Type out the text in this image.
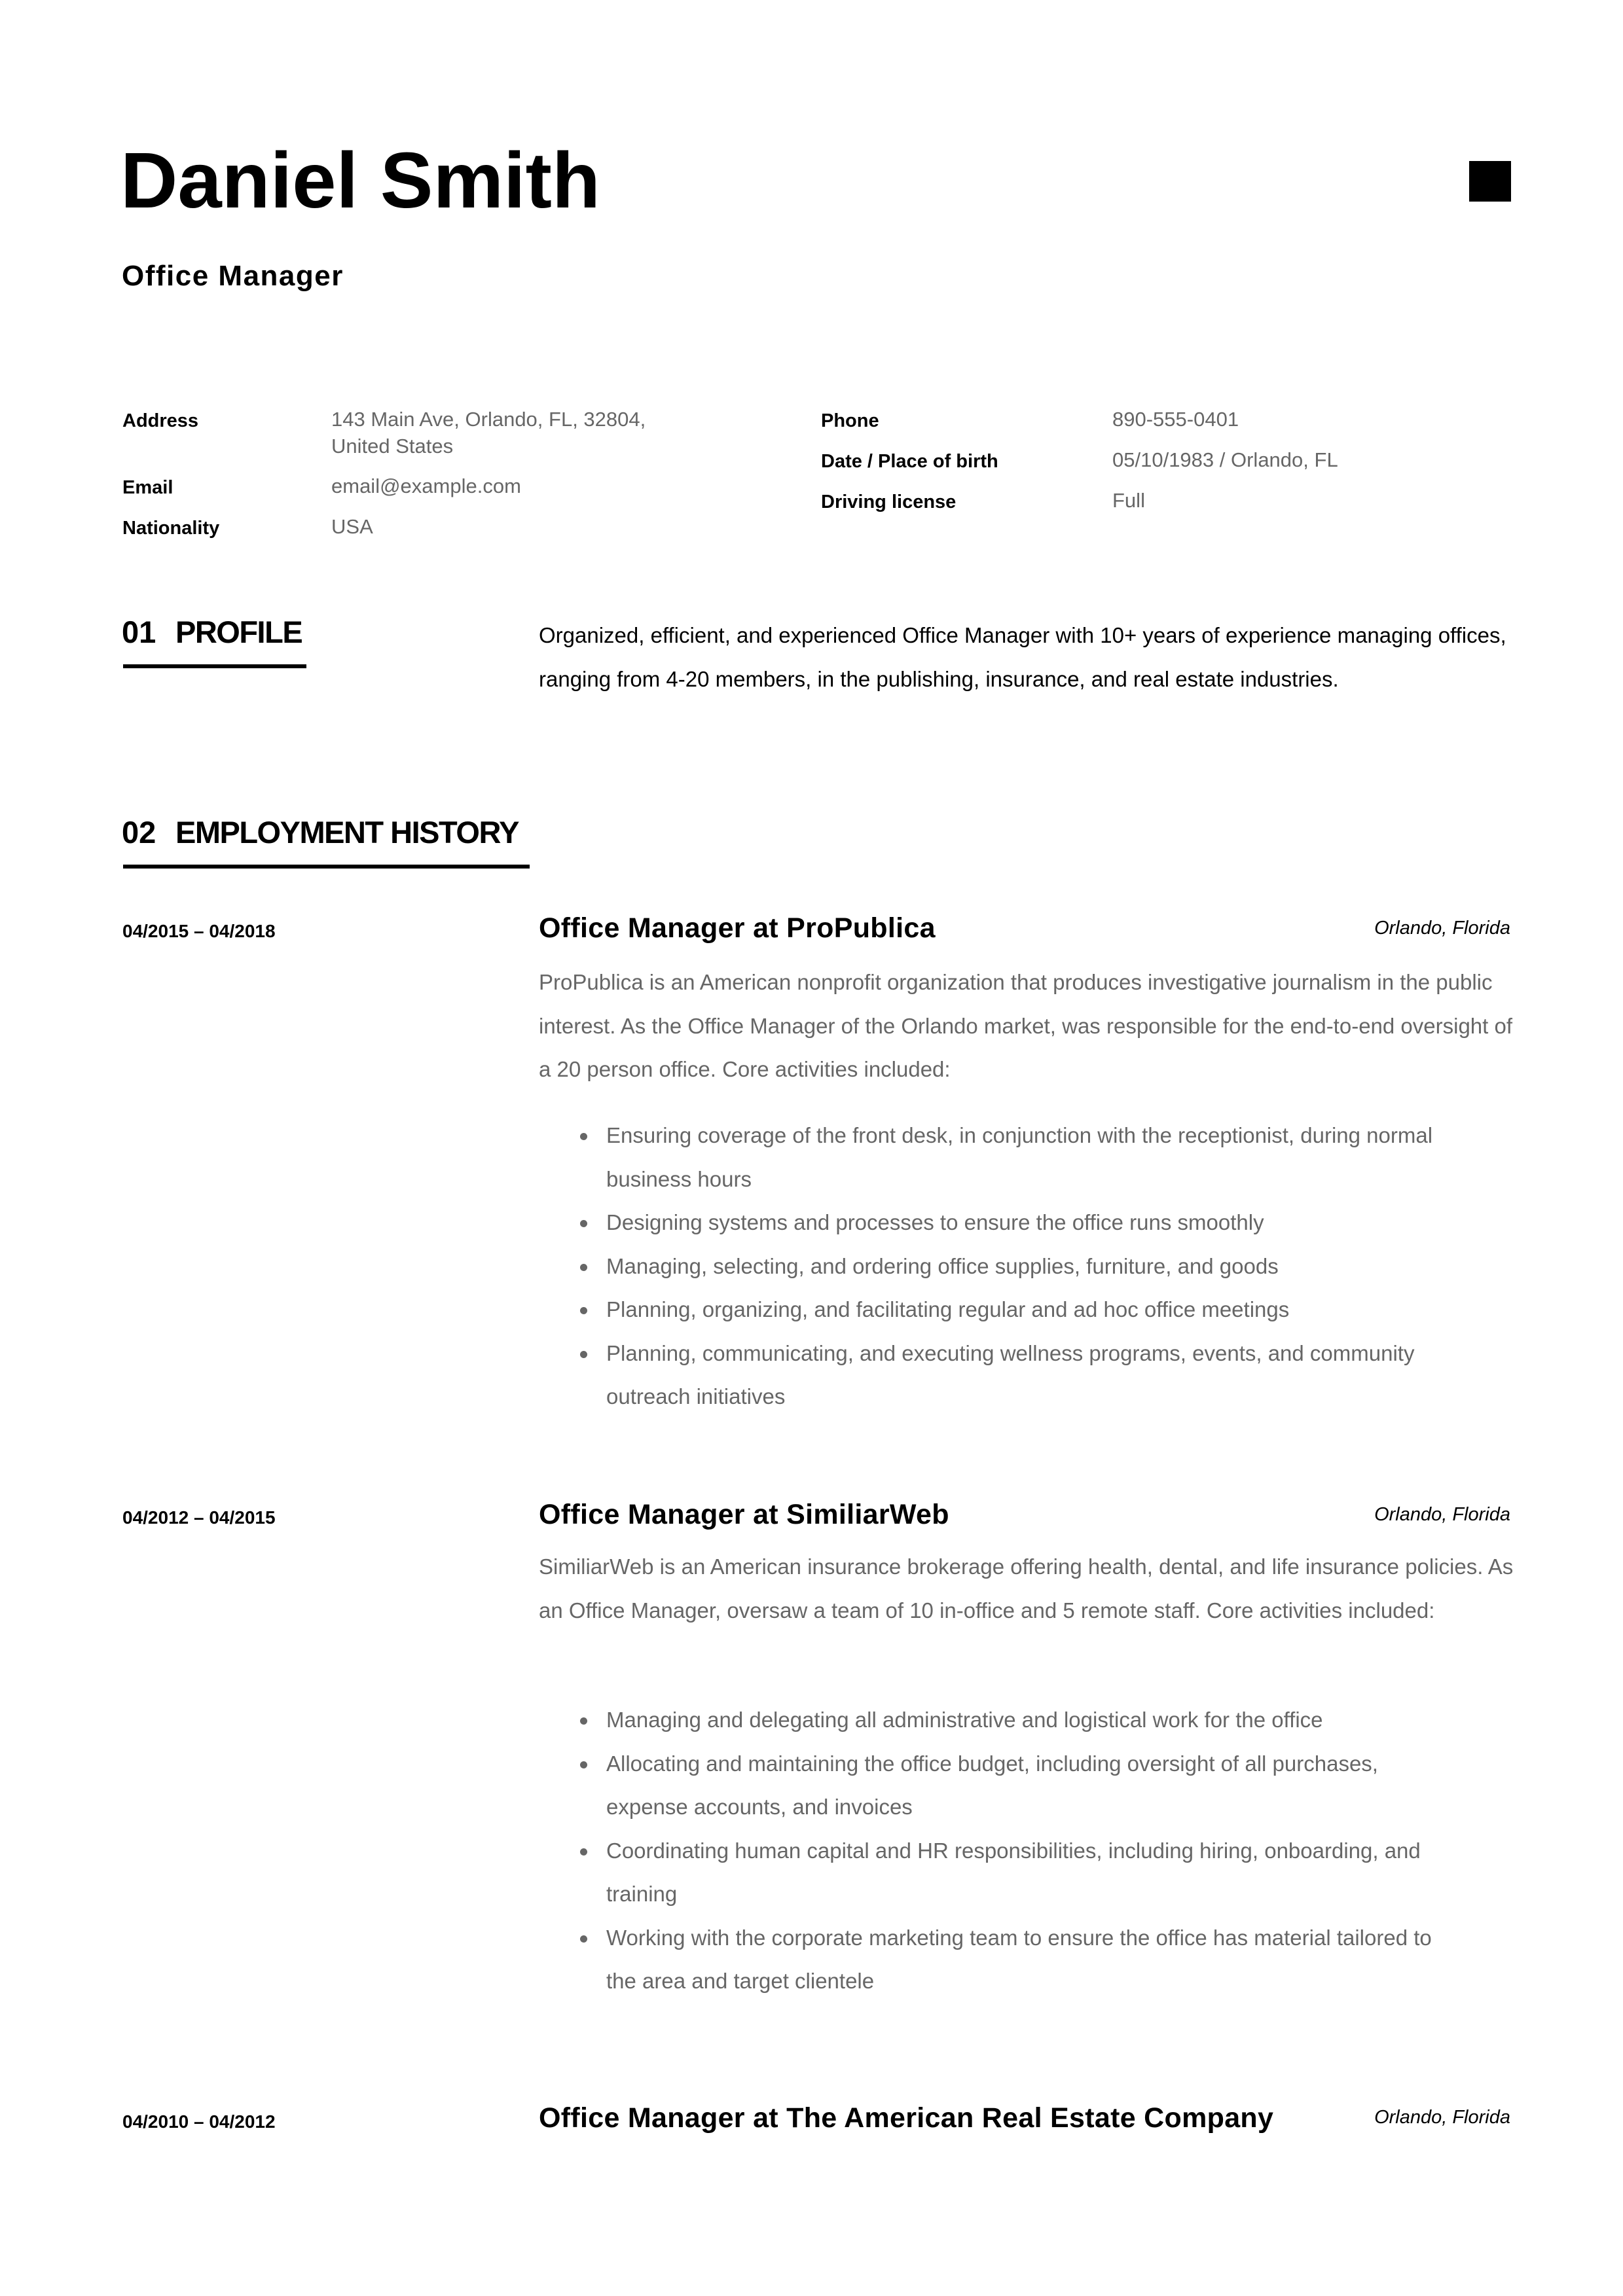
Daniel Smith
Office Manager
Address	143 Main Ave, Orlando, FL, 32804,
United States
Email	email@example.com
Nationality	USA
Phone	890-555-0401
Date / Place of birth	05/10/1983 / Orlando, FL
Driving license	Full
01 PROFILE	Organized, efficient, and experienced Office Manager with 10+ years of experience managing offices, ranging from 4-20 members, in the publishing, insurance, and real estate industries.
02 EMPLOYMENT HISTORY
04/2015 – 04/2018	Office Manager at ProPublica	Orlando, Florida
ProPublica is an American nonprofit organization that produces investigative journalism in the public interest. As the Office Manager of the Orlando market, was responsible for the end-to-end oversight of a 20 person office. Core activities included:
Ensuring coverage of the front desk, in conjunction with the receptionist, during normal business hours
Designing systems and processes to ensure the office runs smoothly
Managing, selecting, and ordering office supplies, furniture, and goods
Planning, organizing, and facilitating regular and ad hoc office meetings
Planning, communicating, and executing wellness programs, events, and community outreach initiatives
04/2012 – 04/2015	Office Manager at SimiliarWeb	Orlando, Florida
SimiliarWeb is an American insurance brokerage offering health, dental, and life insurance policies. As an Office Manager, oversaw a team of 10 in-office and 5 remote staff. Core activities included:
Managing and delegating all administrative and logistical work for the office
Allocating and maintaining the office budget, including oversight of all purchases, expense accounts, and invoices
Coordinating human capital and HR responsibilities, including hiring, onboarding, and training
Working with the corporate marketing team to ensure the office has material tailored to the area and target clientele
04/2010 – 04/2012	Office Manager at The American Real Estate Company	Orlando, Florida
